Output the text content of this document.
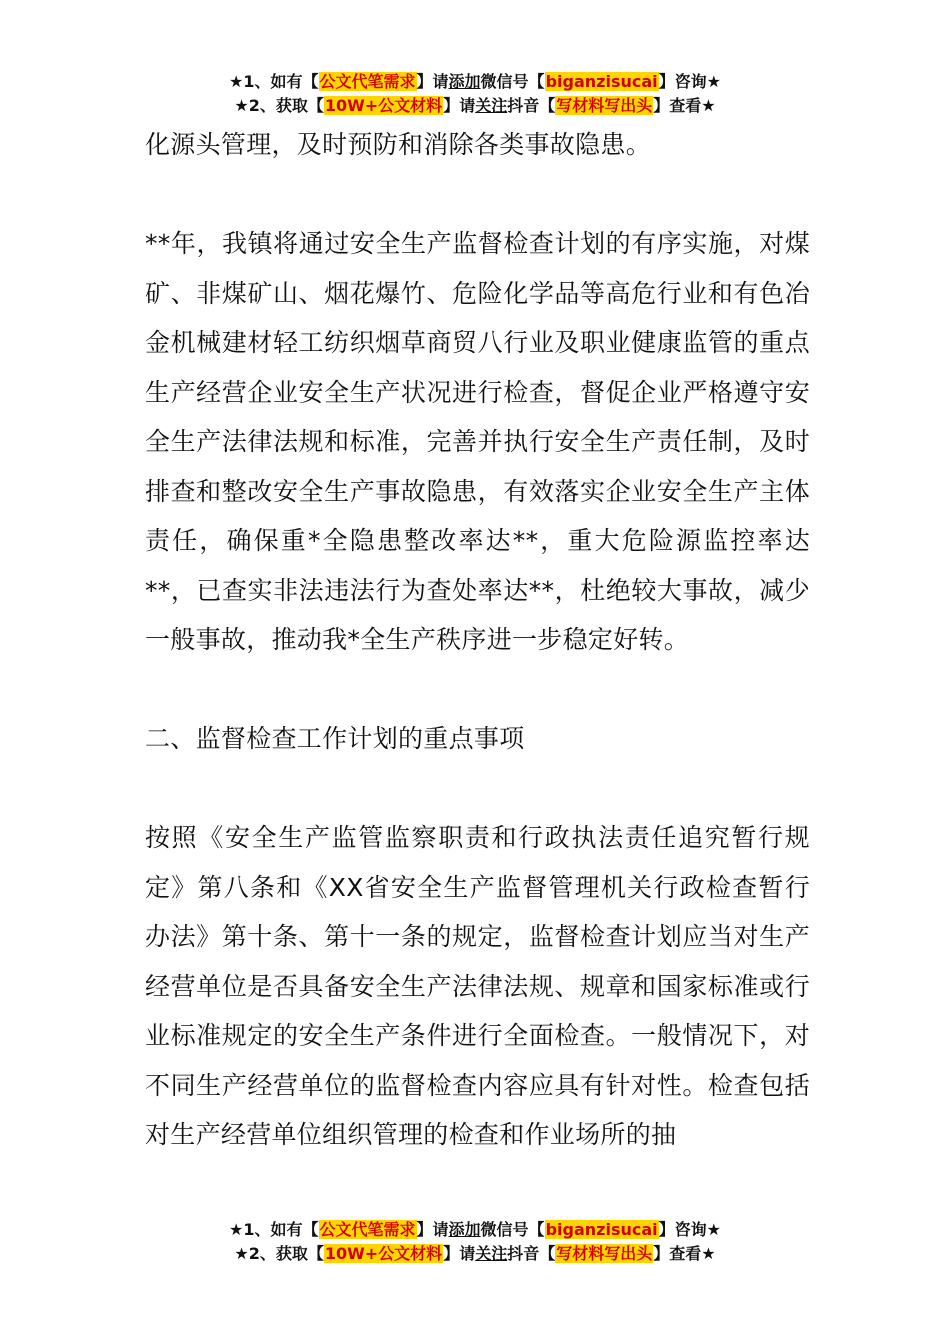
★1、如有【公文代笔需求】请添加微信号【biganzisucai】咨询★
★2、获取【10W+公文材料】请关注抖音【写材料写出头】查看★

化源头管理，及时预防和消除各类事故隐患。

**年，我镇将通过安全生产监督检查计划的有序实施，对煤矿、非煤矿山、烟花爆竹、危险化学品等高危行业和有色冶金机械建材轻工纺织烟草商贸八行业及职业健康监管的重点生产经营企业安全生产状况进行检查，督促企业严格遵守安全生产法律法规和标准，完善并执行安全生产责任制，及时排查和整改安全生产事故隐患，有效落实企业安全生产主体责任，确保重*全隐患整改率达**，重大危险源监控率达**，已查实非法违法行为查处率达**，杜绝较大事故，减少一般事故，推动我*全生产秩序进一步稳定好转。

二、监督检查工作计划的重点事项

按照《安全生产监管监察职责和行政执法责任追究暂行规定》第八条和《XX省安全生产监督管理机关行政检查暂行办法》第十条、第十一条的规定，监督检查计划应当对生产经营单位是否具备安全生产法律法规、规章和国家标准或行业标准规定的安全生产条件进行全面检查。一般情况下，对不同生产经营单位的监督检查内容应具有针对性。检查包括对生产经营单位组织管理的检查和作业场所的抽

★1、如有【公文代笔需求】请添加微信号【biganzisucai】咨询★
★2、获取【10W+公文材料】请关注抖音【写材料写出头】查看★
